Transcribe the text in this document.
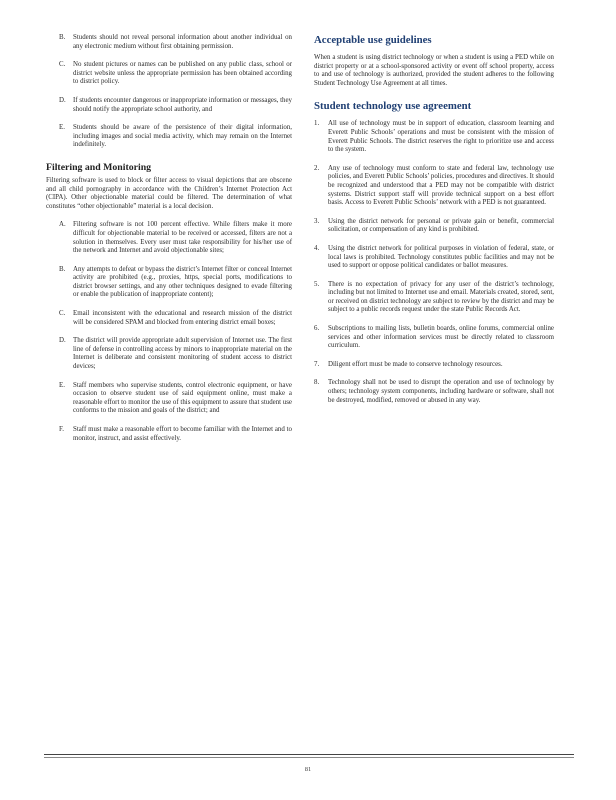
B. Students should not reveal personal information about another individual on any electronic medium without first obtaining permission.
C. No student pictures or names can be published on any public class, school or district website unless the appropriate permission has been obtained according to district policy.
D. If students encounter dangerous or inappropriate information or messages, they should notify the appropriate school authority, and
E. Students should be aware of the persistence of their digital information, including images and social media activity, which may remain on the Internet indefinitely.
Filtering and Monitoring

Filtering software is used to block or filter access to visual depictions that are obscene and all child pornography in accordance with the Children’s Internet Protection Act (CIPA). Other objectionable material could be filtered. The determination of what constitutes “other objectionable” material is a local decision.

A. Filtering software is not 100 percent effective. While filters make it more difficult for objectionable material to be received or accessed, filters are not a solution in themselves. Every user must take responsibility for his/her use of the network and Internet and avoid objectionable sites;
B. Any attempts to defeat or bypass the district’s Internet filter or conceal Internet activity are prohibited (e.g., proxies, https, special ports, modifications to district browser settings, and any other techniques designed to evade filtering or enable the publication of inappropriate content);
C. Email inconsistent with the educational and research mission of the district will be considered SPAM and blocked from entering district email boxes;
D. The district will provide appropriate adult supervision of Internet use. The first line of defense in controlling access by minors to inappropriate material on the Internet is deliberate and consistent monitoring of student access to district devices;
E. Staff members who supervise students, control electronic equipment, or have occasion to observe student use of said equipment online, must make a reasonable effort to monitor the use of this equipment to assure that student use conforms to the mission and goals of the district; and
F. Staff must make a reasonable effort to become familiar with the Internet and to monitor, instruct, and assist effectively.
Acceptable use guidelines

When a student is using district technology or when a student is using a PED while on district property or at a school-sponsored activity or event off school property, access to and use of technology is authorized, provided the student adheres to the following Student Technology Use Agreement at all times.

Student technology use agreement
1. All use of technology must be in support of education, classroom learning and Everett Public Schools’ operations and must be consistent with the mission of Everett Public Schools. The district reserves the right to prioritize use and access to the system.
2. Any use of technology must conform to state and federal law, technology use policies, and Everett Public Schools’ policies, procedures and directives. It should be recognized and understood that a PED may not be compatible with district systems. District support staff will provide technical support on a best effort basis. Access to Everett Public Schools’ network with a PED is not guaranteed.
3. Using the district network for personal or private gain or benefit, commercial solicitation, or compensation of any kind is prohibited.
4. Using the district network for political purposes in violation of federal, state, or local laws is prohibited. Technology constitutes public facilities and may not be used to support or oppose political candidates or ballot measures.
5. There is no expectation of privacy for any user of the district’s technology, including but not limited to Internet use and email. Materials created, stored, sent, or received on district technology are subject to review by the district and may be subject to a public records request under the state Public Records Act.
6. Subscriptions to mailing lists, bulletin boards, online forums, commercial online services and other information services must be directly related to classroom curriculum.
7. Diligent effort must be made to conserve technology resources.
8. Technology shall not be used to disrupt the operation and use of technology by others; technology system components, including hardware or software, shall not be destroyed, modified, removed or abused in any way.
81
